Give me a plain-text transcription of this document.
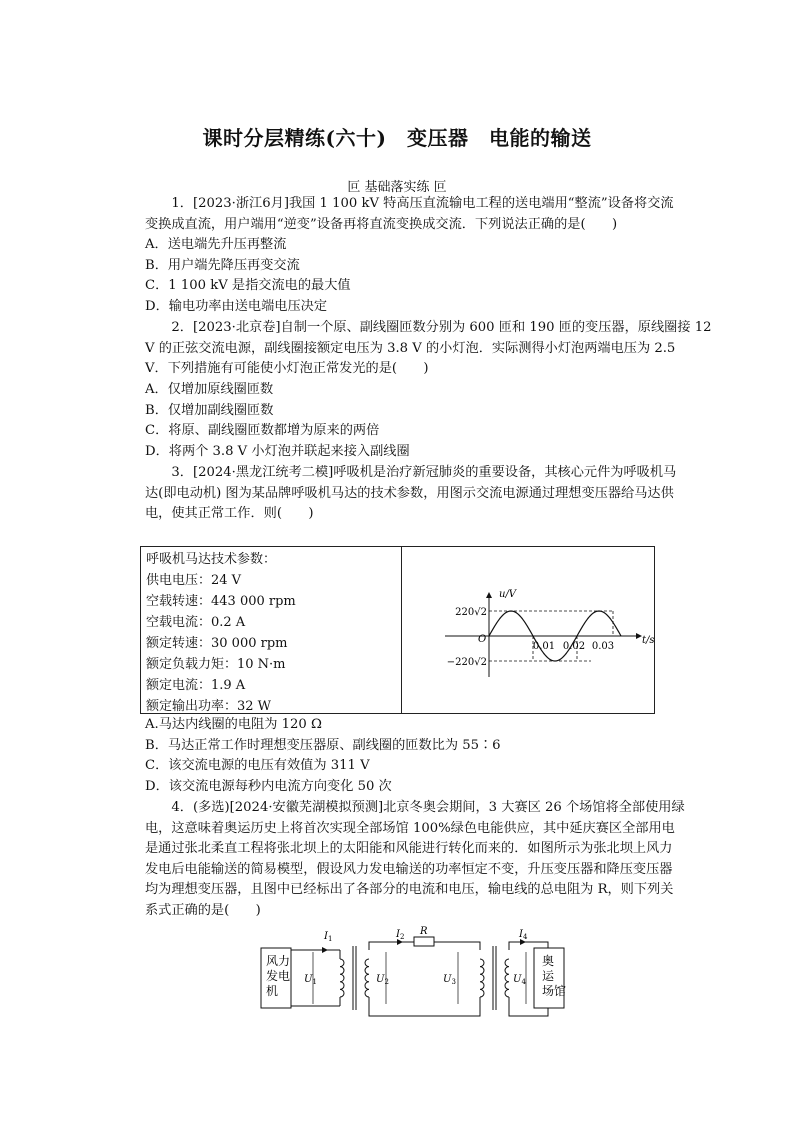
课时分层精练(六十)　变压器　电能的输送
叵 基础落实练 叵
1．[2023·浙江6月]我国 1 100 kV 特高压直流输电工程的送电端用“整流”设备将交流
变换成直流，用户端用“逆变”设备再将直流变换成交流．下列说法正确的是(　　)
A．送电端先升压再整流
B．用户端先降压再变交流
C．1 100 kV 是指交流电的最大值
D．输电功率由送电端电压决定
2．[2023·北京卷]自制一个原、副线圈匝数分别为 600 匝和 190 匝的变压器，原线圈接 12
V 的正弦交流电源，副线圈接额定电压为 3.8 V 的小灯泡．实际测得小灯泡两端电压为 2.5
V．下列措施有可能使小灯泡正常发光的是(　　)
A．仅增加原线圈匝数
B．仅增加副线圈匝数
C．将原、副线圈匝数都增为原来的两倍
D．将两个 3.8 V 小灯泡并联起来接入副线圈
3．[2024·黑龙江统考二模]呼吸机是治疗新冠肺炎的重要设备，其核心元件为呼吸机马
达(即电动机) 图为某品牌呼吸机马达的技术参数，用图示交流电源通过理想变压器给马达供
电，使其正常工作．则(　　)
呼吸机马达技术参数：
供电电压：24 V
空载转速：443 000 rpm
空载电流：0.2 A
额定转速：30 000 rpm
额定负载力矩：10 N·m
额定电流：1.9 A
额定输出功率：32 W
u/V
t/s
O
220√2
−220√2
0.01 0.02 0.03
A.马达内线圈的电阻为 120 Ω
B．马达正常工作时理想变压器原、副线圈的匝数比为 55∶6
C．该交流电源的电压有效值为 311 V
D．该交流电源每秒内电流方向变化 50 次
4．(多选)[2024·安徽芜湖模拟预测]北京冬奥会期间，3 大赛区 26 个场馆将全部使用绿
电，这意味着奥运历史上将首次实现全部场馆 100%绿色电能供应，其中延庆赛区全部用电
是通过张北柔直工程将张北坝上的太阳能和风能进行转化而来的．如图所示为张北坝上风力
发电后电能输送的简易模型，假设风力发电输送的功率恒定不变，升压变压器和降压变压器
均为理想变压器，且图中已经标出了各部分的电流和电压，输电线的总电阻为 R，则下列关
系式正确的是(　　)
风力发电机
奥运场馆
$I_1$	$I_2$ R	$I_4$
$U_1$	$U_2$	$U_3$	$U_4$
